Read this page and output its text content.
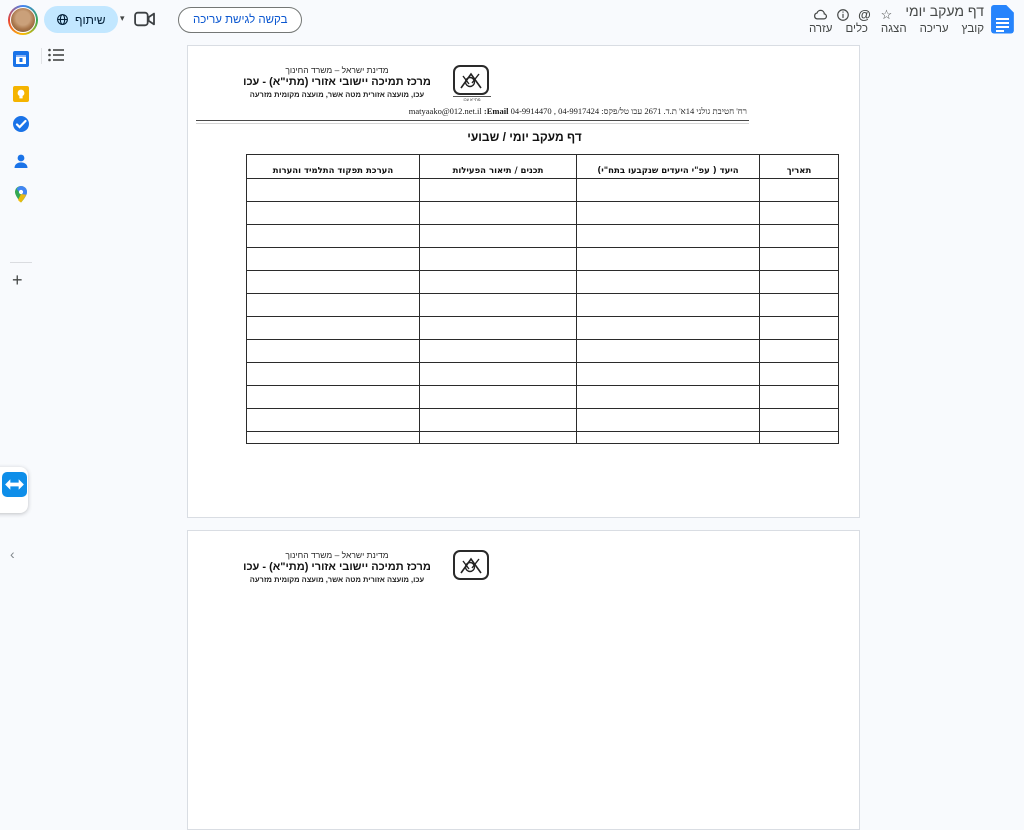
דף מעקב יומי
קובץ
עריכה
הצגה
כלים
עזרה
@ ☆
שיתוף ▾	בקשה לגישת עריכה
+
מדינת ישראל – משרד החינוך
מרכז תמיכה יישובי אזורי (מתי"א) - עכו
עכו, מועצה אזורית מטה אשר, מועצה מקומית מזרעה
מתי"א עכו
רח' חטיבת גולני 14א' ת.ד. 2671 עכו טל/פקס: 04-9917424 , 04-9914470 Email: matyaako@012.net.il
דף מעקב יומי / שבועי
תאריך	היעד ( עפ"י היעדים שנקבעו בתח"י)	תכנים / תיאור הפעילות	הערכת תפקוד התלמיד והערות

מדינת ישראל – משרד החינוך
מרכז תמיכה יישובי אזורי (מתי"א) - עכו
עכו, מועצה אזורית מטה אשר, מועצה מקומית מזרעה
‹
